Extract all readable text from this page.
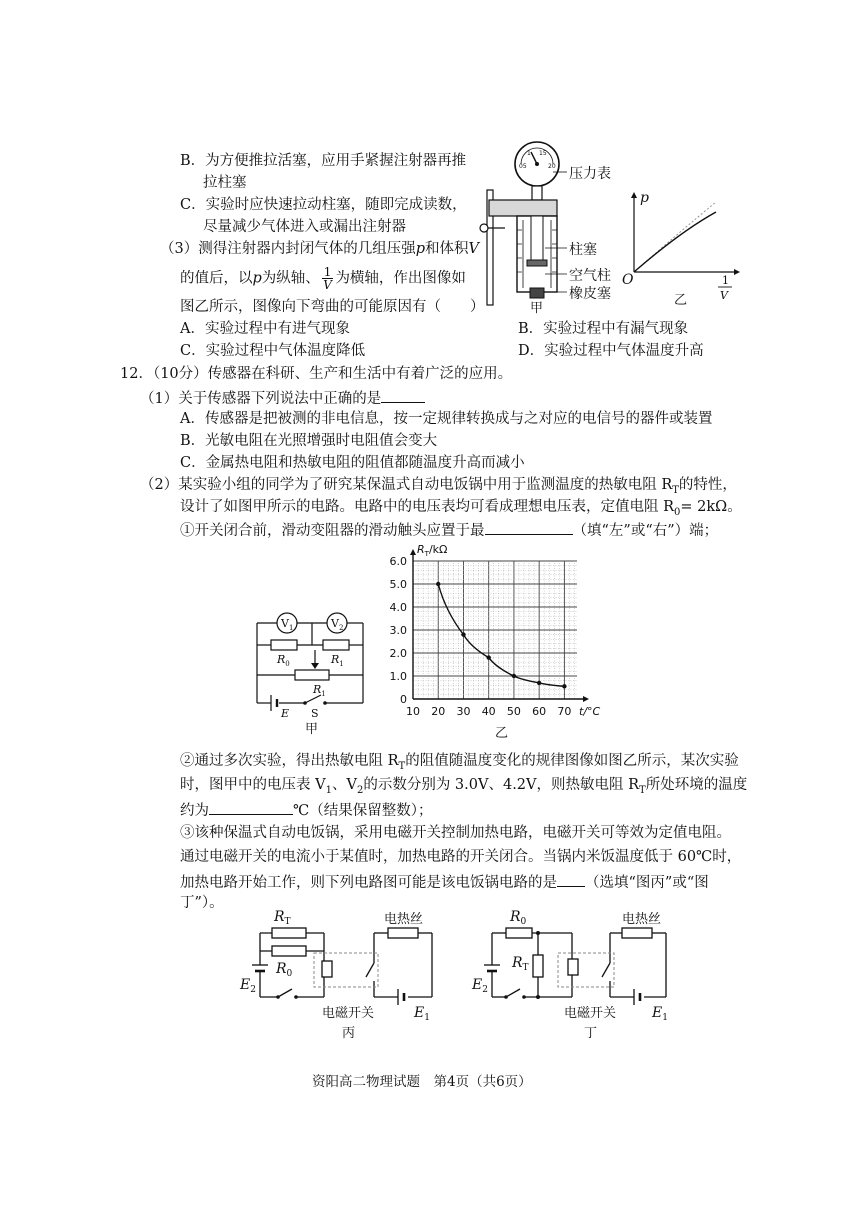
B．为方便推拉活塞，应用手紧握注射器再推
拉柱塞
C．实验时应快速拉动柱塞，随即完成读数，
尽量减少气体进入或漏出注射器
（3）测得注射器内封闭气体的几组压强p和体积V
的值后，以p为纵轴、 $\frac{1}{V}$ 为横轴，作出图像如
图乙所示，图像向下弯曲的可能原因有（　　）
A．实验过程中有进气现象	B．实验过程中有漏气现象
C．实验过程中气体温度降低	D．实验过程中气体温度升高
05
1 15
20 压力表
柱塞
空气柱
橡皮塞
甲
p
O	1
V
乙
12．（10分）传感器在科研、生产和生活中有着广泛的应用。
（1）关于传感器下列说法中正确的是
A．传感器是把被测的非电信息，按一定规律转换成与之对应的电信号的器件或装置
B．光敏电阻在光照增强时电阻值会变大
C．金属热电阻和热敏电阻的阻值都随温度升高而减小
（2）某实验小组的同学为了研究某保温式自动电饭锅中用于监测温度的热敏电阻 $R_T$的特性，
设计了如图甲所示的电路。电路中的电压表均可看成理想电压表，定值电阻 $R_0= 2k\Omega$。
①开关闭合前，滑动变阻器的滑动触头应置于最	（填“左”或“右”）端；
$V_1$	$V_2$
$R_0$	$R_1$
$R_1$
E S
甲
0
1.0
2.0
3.0
4.0
5.0
6.0
10 20 30 40 50 60 70
$R_T/k\Omega$
t/°C
乙
②通过多次实验，得出热敏电阻 $R_T$的阻值随温度变化的规律图像如图乙所示，某次实验
时，图甲中的电压表 $V_1$、$V_2$的示数分别为 3.0V、4.2V，则热敏电阻 $R_T$所处环境的温度
约为	℃（结果保留整数）；
③该种保温式自动电饭锅，采用电磁开关控制加热电路，电磁开关可等效为定值电阻。
通过电磁开关的电流小于某值时，加热电路的开关闭合。当锅内米饭温度低于 60℃时，
加热电路开始工作，则下列电路图可能是该电饭锅电路的是 （选填“图丙”或“图
丁”）。
$R_T$
$R_0$
电热丝
电磁开关
$E_2$
$E_1$
丙
$R_0$
$R_T$
电热丝
电磁开关
$E_2$
$E_1$
丁
资阳高二物理试题　第4页（共6页）
